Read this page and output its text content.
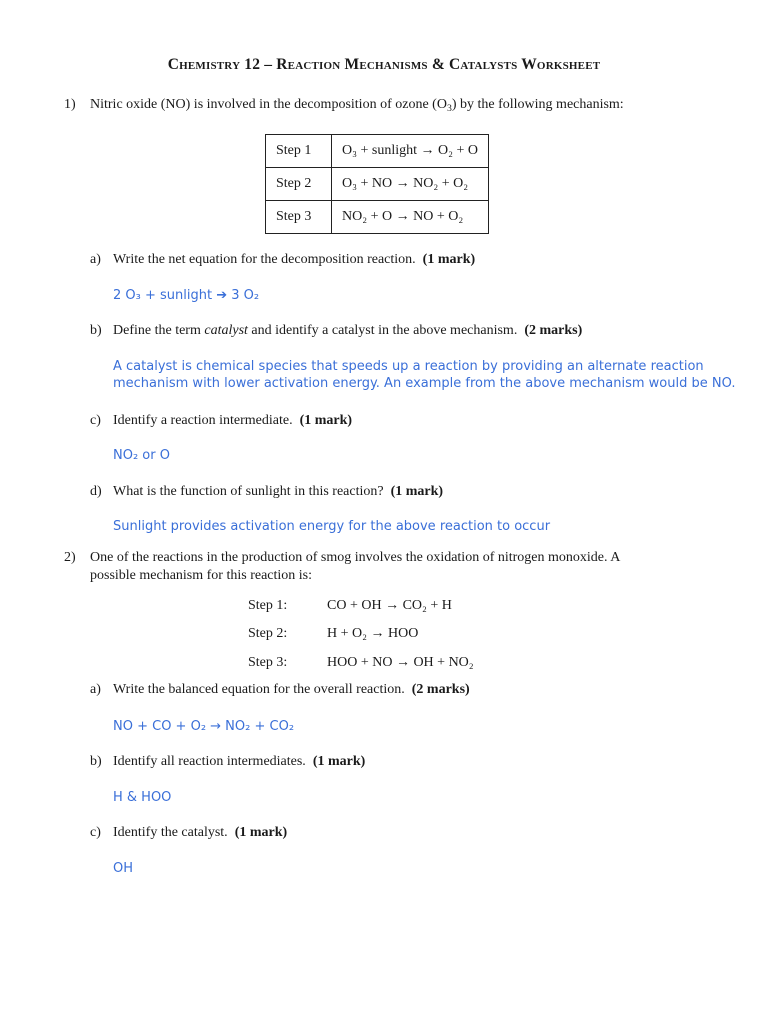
Chemistry 12 – Reaction Mechanisms & Catalysts Worksheet
1) Nitric oxide (NO) is involved in the decomposition of ozone $(O_3)$ by the following mechanism:
Step 1	O₃ + sunlight → O₂ + O
Step 2	O₃ + NO → NO₂ + O₂
Step 3	NO₂ + O → NO + O₂
a) Write the net equation for the decomposition reaction. (1 mark)
2 O₃ + sunlight ➔ 3 O₂
b) Define the term catalyst and identify a catalyst in the above mechanism. (2 marks)
A catalyst is chemical species that speeds up a reaction by providing an alternate reaction
mechanism with lower activation energy. An example from the above mechanism would be NO.
c) Identify a reaction intermediate. (1 mark)
NO₂ or O
d) What is the function of sunlight in this reaction? (1 mark)
Sunlight provides activation energy for the above reaction to occur
2) One of the reactions in the production of smog involves the oxidation of nitrogen monoxide. A
possible mechanism for this reaction is:
Step 1:	CO + OH → CO₂ + H
Step 2:	H + O₂ → HOO
Step 3:	HOO + NO → OH + NO₂
a) Write the balanced equation for the overall reaction. (2 marks)
NO + CO + O₂ → NO₂ + CO₂
b) Identify all reaction intermediates. (1 mark)
H & HOO
c) Identify the catalyst. (1 mark)
OH
